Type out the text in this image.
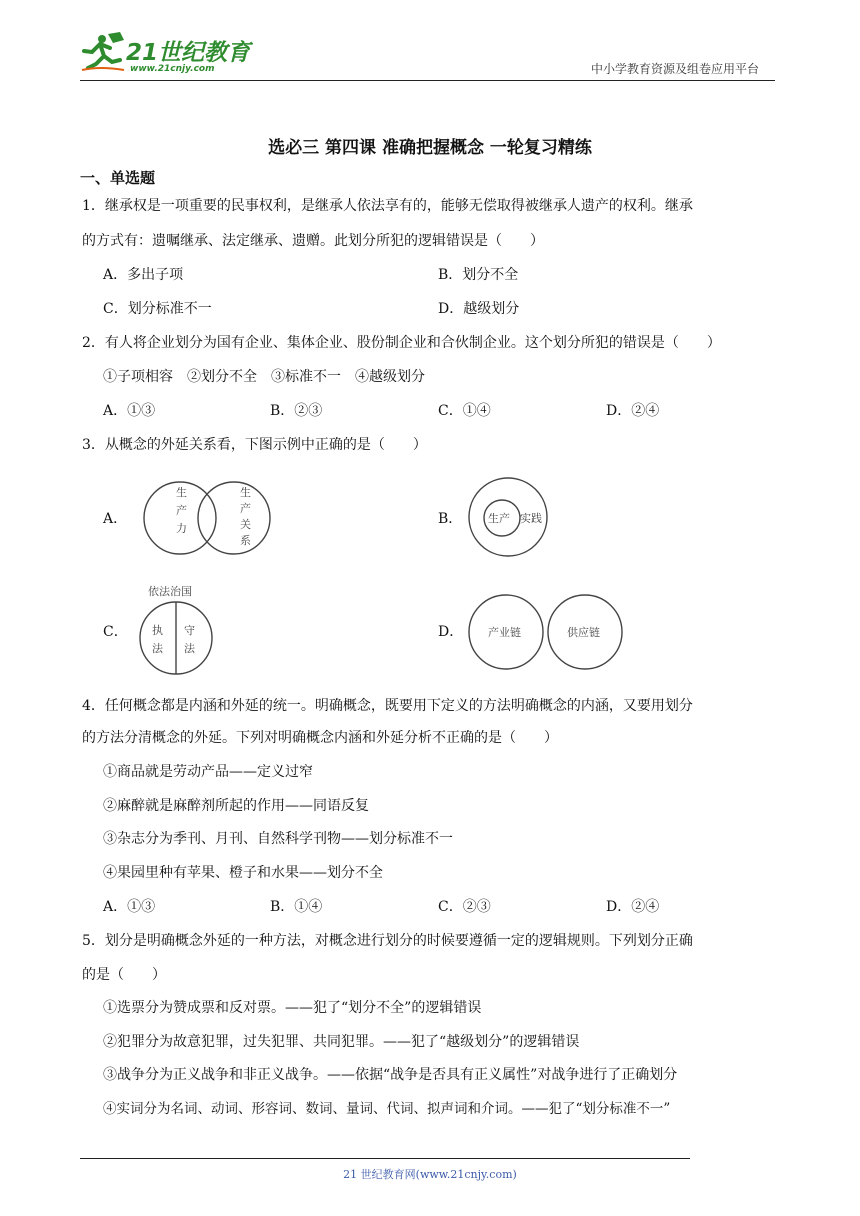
21世纪教育
www.21cnjy.com	中小学教育资源及组卷应用平台
选必三 第四课 准确把握概念 一轮复习精练
一、单选题
1．继承权是一项重要的民事权利，是继承人依法享有的，能够无偿取得被继承人遗产的权利。继承
的方式有：遗嘱继承、法定继承、遗赠。此划分所犯的逻辑错误是（　　）
A．多出子项	B．划分不全
C．划分标准不一	D．越级划分
2．有人将企业划分为国有企业、集体企业、股份制企业和合伙制企业。这个划分所犯的错误是（　　）
①子项相容　②划分不全　③标准不一　④越级划分
A．①③	B．②③	C．①④	D．②④
3．从概念的外延关系看，下图示例中正确的是（　　）
A．
生
产
力
生
产
关
系
B． 生产 实践
C．
依法治国
执
法
守
法
D． 产业链	供应链
4．任何概念都是内涵和外延的统一。明确概念，既要用下定义的方法明确概念的内涵，又要用划分
的方法分清概念的外延。下列对明确概念内涵和外延分析不正确的是（　　）
①商品就是劳动产品——定义过窄
②麻醉就是麻醉剂所起的作用——同语反复
③杂志分为季刊、月刊、自然科学刊物——划分标准不一
④果园里种有苹果、橙子和水果——划分不全
A．①③	B．①④	C．②③	D．②④
5．划分是明确概念外延的一种方法，对概念进行划分的时候要遵循一定的逻辑规则。下列划分正确
的是（　　）
①选票分为赞成票和反对票。——犯了“划分不全”的逻辑错误
②犯罪分为故意犯罪，过失犯罪、共同犯罪。——犯了“越级划分”的逻辑错误
③战争分为正义战争和非正义战争。——依据“战争是否具有正义属性”对战争进行了正确划分
④实词分为名词、动词、形容词、数词、量词、代词、拟声词和介词。——犯了“划分标准不一”
21 世纪教育网(www.21cnjy.com)
